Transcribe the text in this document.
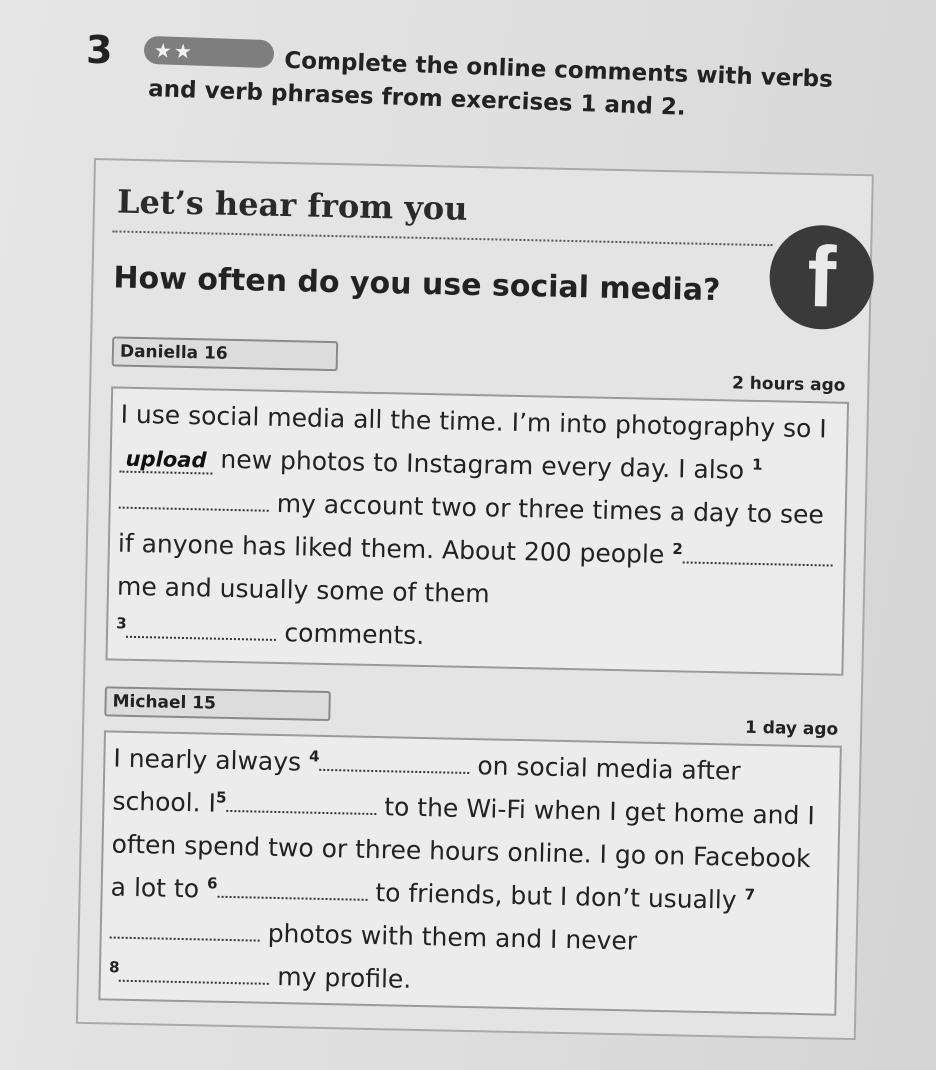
3	★★	Complete the online comments with verbs
and verb phrases from exercises 1 and 2.

Let’s hear from you
f
How often do you use social media?
Daniella 16
2 hours ago
I use social media all the time. I’m into photography so I upload new photos to Instagram every day. I also $^1$ my account two or three times a day to see if anyone has liked them. About 200 people $^2$ me and usually some of them
$^3$	comments.
Michael 15
1 day ago
I nearly always $^4$	on social media after school. $I^5$	to the Wi-Fi when I get home and I often spend two or three hours online. I go on Facebook a lot to $^6$	to friends, but I don’t usually $^7$ photos with them and I never
$^8$	my profile.
